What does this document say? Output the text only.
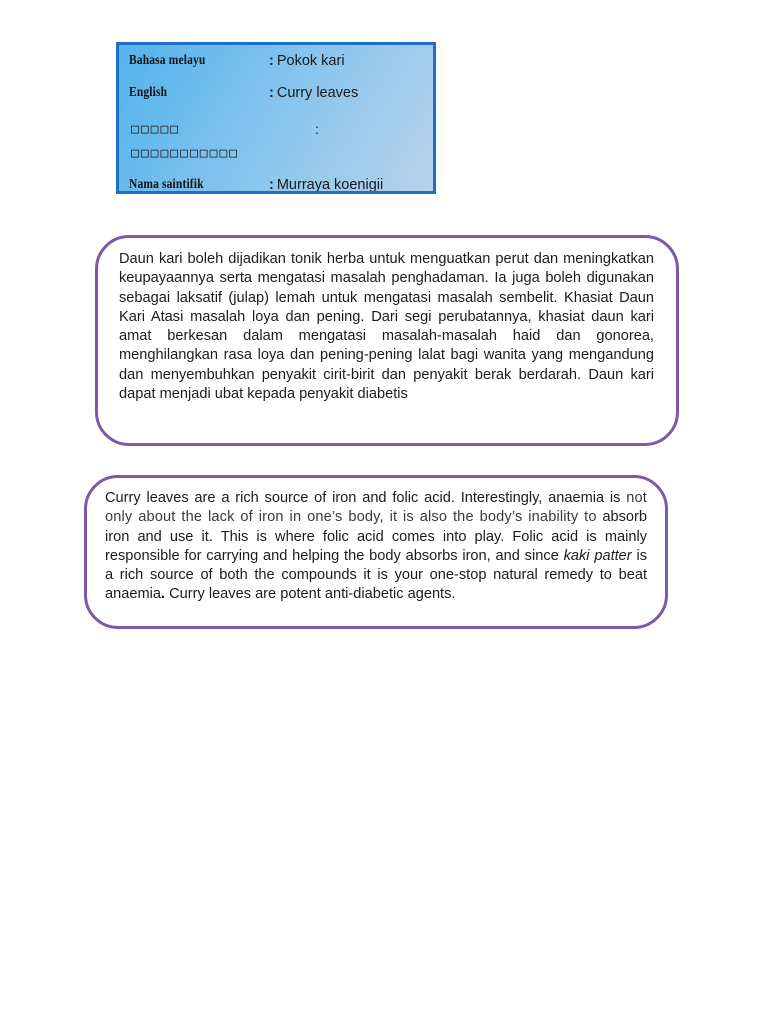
Bahasa melayu	: Pokok kari
English	: Curry leaves
□□□□□	:
□□□□□□□□□□□
Nama saintifik	: Murraya koenigii

Daun kari boleh dijadikan tonik herba untuk menguatkan perut dan meningkatkan keupayaannya serta mengatasi masalah penghadaman. Ia juga boleh digunakan sebagai laksatif (julap) lemah untuk mengatasi masalah sembelit. Khasiat Daun Kari Atasi masalah loya dan pening. Dari segi perubatannya, khasiat daun kari amat berkesan dalam mengatasi masalah-masalah haid dan gonorea, menghilangkan rasa loya dan pening-pening lalat bagi wanita yang mengandung dan menyembuhkan penyakit cirit-birit dan penyakit berak berdarah. Daun kari dapat menjadi ubat kepada penyakit diabetis

Curry leaves are a rich source of iron and folic acid. Interestingly, anaemia is not only about the lack of iron in one’s body, it is also the body’s inability to absorb iron and use it. This is where folic acid comes into play. Folic acid is mainly responsible for carrying and helping the body absorbs iron, and since kaki patter is a rich source of both the compounds it is your one-stop natural remedy to beat anaemia. Curry leaves are potent anti-diabetic agents.
